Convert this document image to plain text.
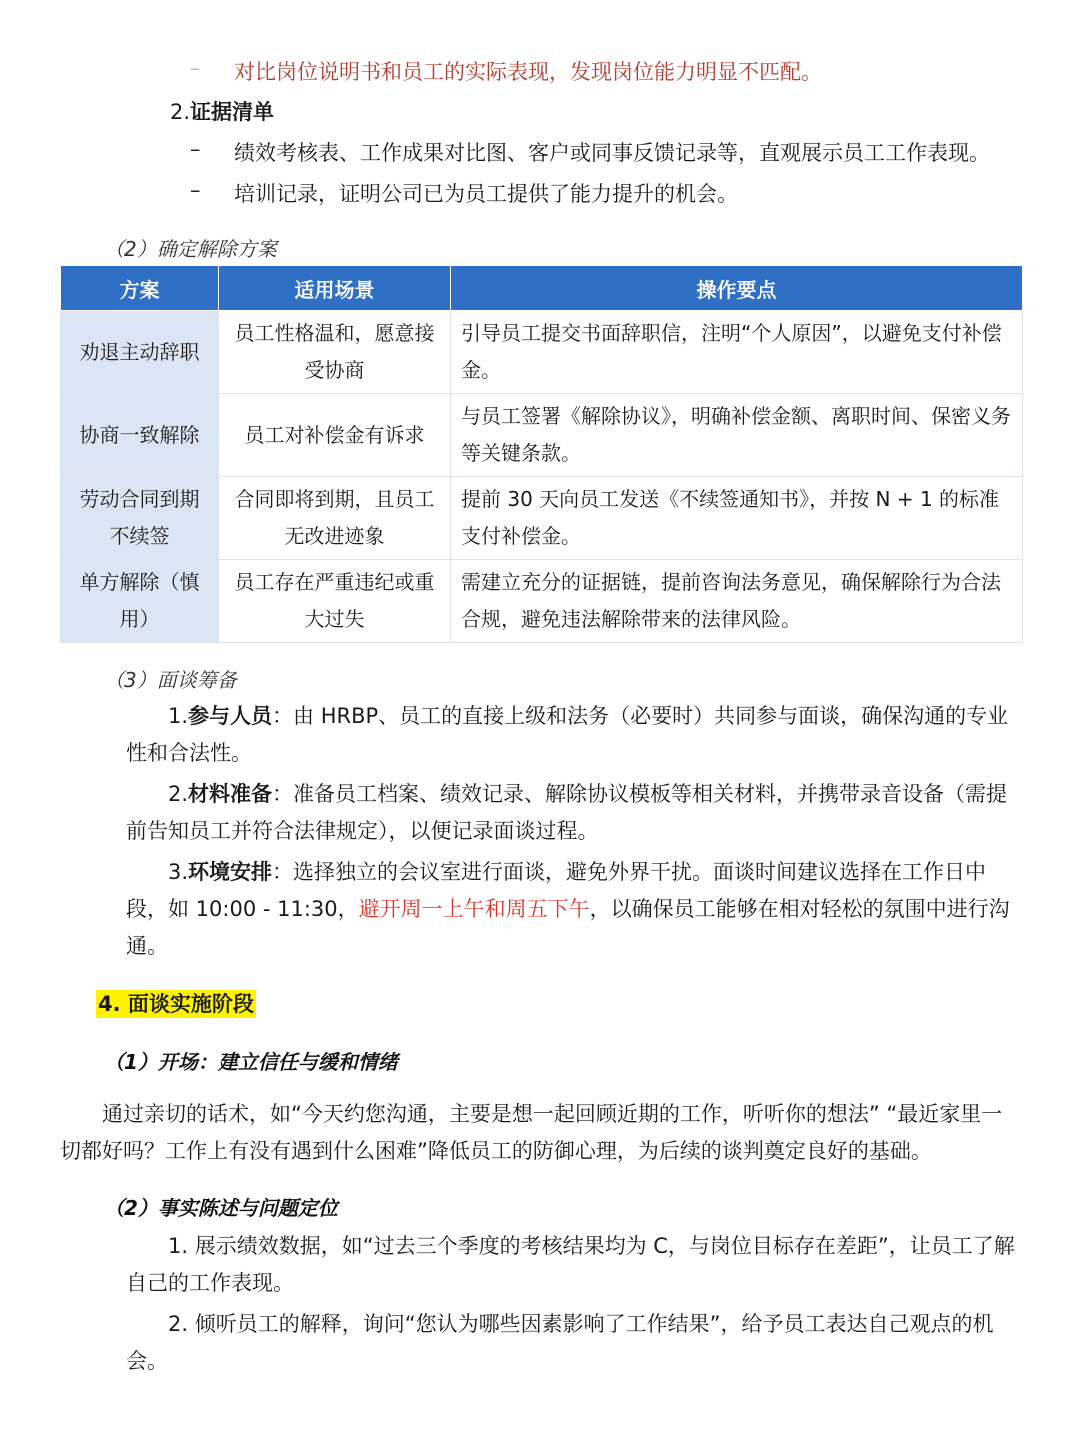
– 对比岗位说明书和员工的实际表现，发现岗位能力明显不匹配。
2.证据清单
– 绩效考核表、工作成果对比图、客户或同事反馈记录等，直观展示员工工作表现。
– 培训记录，证明公司已为员工提供了能力提升的机会。
（2）确定解除方案
方案	适用场景	操作要点
劝退主动辞职	员工性格温和，愿意接受协商	引导员工提交书面辞职信，注明“个人原因”，以避免支付补偿金。
协商一致解除	员工对补偿金有诉求	与员工签署《解除协议》，明确补偿金额、离职时间、保密义务等关键条款。
劳动合同到期不续签	合同即将到期，且员工无改进迹象	提前 30 天向员工发送《不续签通知书》，并按 N + 1 的标准支付补偿金。
单方解除（慎用）	员工存在严重违纪或重大过失	需建立充分的证据链，提前咨询法务意见，确保解除行为合法合规，避免违法解除带来的法律风险。
（3）面谈筹备
1.参与人员：由 HRBP、员工的直接上级和法务（必要时）共同参与面谈，确保沟通的专业性和合法性。
2.材料准备：准备员工档案、绩效记录、解除协议模板等相关材料，并携带录音设备（需提前告知员工并符合法律规定），以便记录面谈过程。
3.环境安排：选择独立的会议室进行面谈，避免外界干扰。面谈时间建议选择在工作日中段，如 10:00 - 11:30，避开周一上午和周五下午，以确保员工能够在相对轻松的氛围中进行沟通。
4. 面谈实施阶段
（1）开场：建立信任与缓和情绪
通过亲切的话术，如“今天约您沟通，主要是想一起回顾近期的工作，听听你的想法” “最近家里一切都好吗？工作上有没有遇到什么困难”降低员工的防御心理，为后续的谈判奠定良好的基础。
（2）事实陈述与问题定位
1. 展示绩效数据，如“过去三个季度的考核结果均为 C，与岗位目标存在差距”，让员工了解自己的工作表现。
2. 倾听员工的解释，询问“您认为哪些因素影响了工作结果”，给予员工表达自己观点的机会。
